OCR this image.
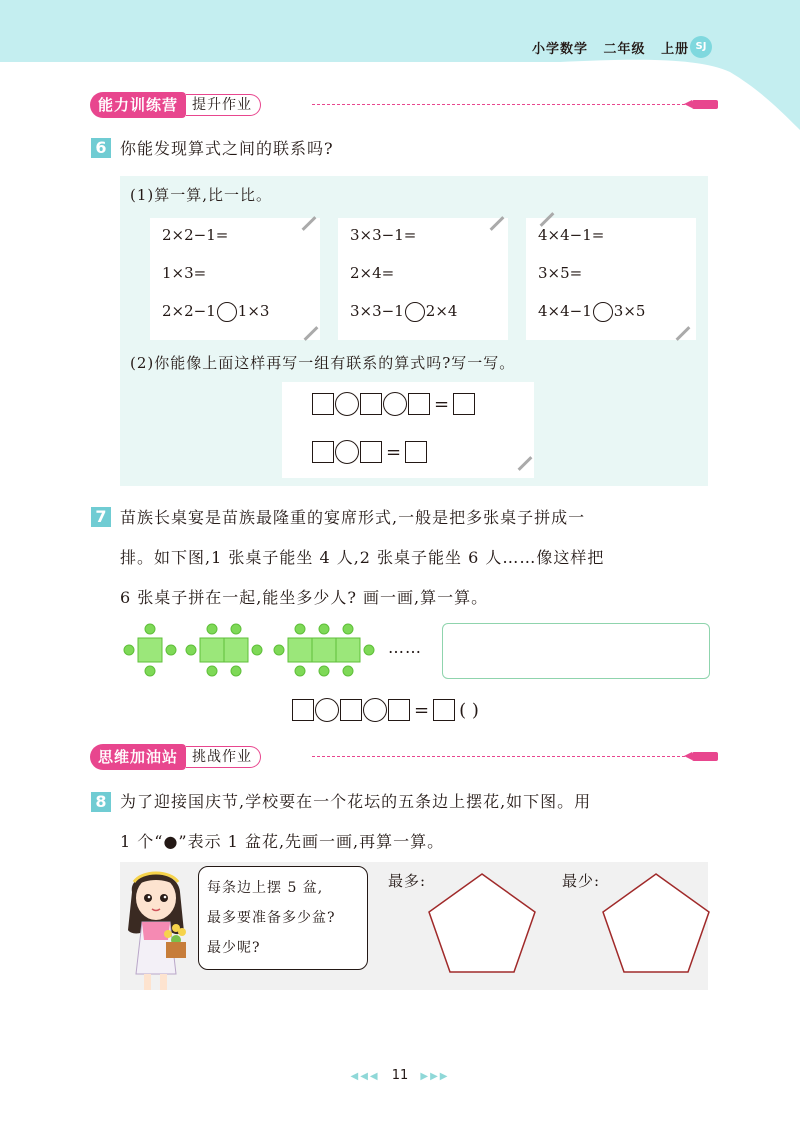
小学数学 二年级 上册 SJ
能力训练营	提升作业
6 你能发现算式之间的联系吗?
(1)算一算,比一比。
2×2−1=
1×3=
2×2−1 1×3
3×3−1=
2×4=
3×3−1 2×4
4×4−1=
3×5=
4×4−1 3×5
(2)你能像上面这样再写一组有联系的算式吗?写一写。
=
=
7 苗族长桌宴是苗族最隆重的宴席形式,一般是把多张桌子拼成一
排。如下图,1 张桌子能坐 4 人,2 张桌子能坐 6 人……像这样把
6 张桌子拼在一起,能坐多少人? 画一画,算一算。
……
= ( )
思维加油站	挑战作业
8 为了迎接国庆节,学校要在一个花坛的五条边上摆花,如下图。用
1 个“●”表示 1 盆花,先画一画,再算一算。
每条边上摆 5 盆,
最多要准备多少盆?
最少呢?
最多:	最少:
◀◀◀ 11 ▶▶▶
